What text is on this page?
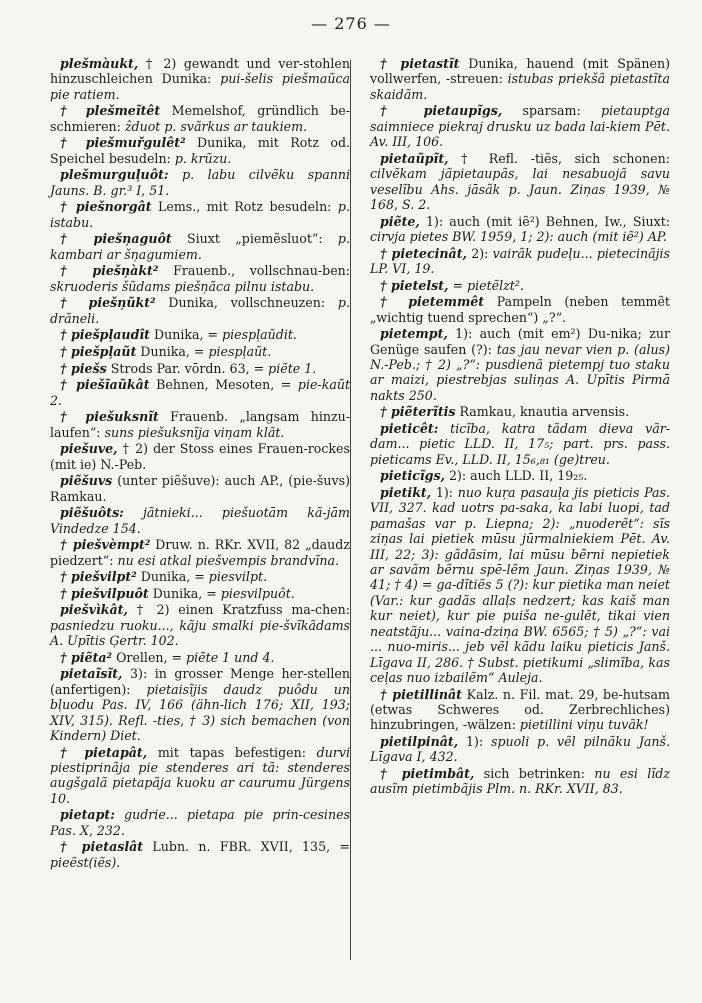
— 276 —

plešmàukt, † 2) gewandt und ver-stohlen hinzuschleichen Dunika: pui-šelis piešmaũca pie ratiem.

† plešmeĩtêt Memelshof, gründlich be-schmieren: ẑduot p. svãrkus ar taukiem.

† piešmuřgulêt² Dunika, mit Rotz od. Speichel besudeln: p. krũzu.

plešmurguļuôt: p. labu cilvẽku spanni Jauns. B. gr.³ I, 51.

† piešnorgât Lems., mit Rotz besudeln: p. istabu.

† piešņaguôt Siuxt „piemẽsluot“: p. kambari ar šņagumiem.

† piešņàkt² Frauenb., vollschnau-ben: skruoderis šũdams piešņãca pilnu istabu.

† piešņũkt² Dunika, vollschneuzen: p. drãneli.

† piešpļaudît Dunika, = piespļaũdit.

† piešpļaũt Dunika, = piespļaũt.

† piešs Strods Par. vōrdn. 63, = piẽte 1.

† piešĩaũkât Behnen, Mesoten, = pie-kaũt 2.

† piešuksnĩt Frauenb. „langsam hinzu-laufen“: suns piešuksnĩja viņam klãt.

piešuve, † 2) der Stoss eines Frauen-rockes (mit ie) N.-Peb.

piẽšuvs (unter piẽšuve): auch AP., (pie-šuvs) Ramkau.

piẽšuôts: jãtnieki... piešuotām kã-jām Vindedze 154.

† piešvèmpt² Druw. n. RKr. XVII, 82 „daudz piedzert“: nu esi atkal piešvempis brandvĩna.

† piešvilpt² Dunika, = piesvilpt.

† piešvilpuôt Dunika, = piesvilpuôt.

piešvìkât, † 2) einen Kratzfuss ma-chen: pasniedzu ruoku..., kãju smalki pie-švĩkãdams A. Upītis Ģertr. 102.

† piẽta² Orellen, = piẽte 1 und 4.

pietaĩsĩt, 3): in grosser Menge her-stellen (anfertigen): pietaisĩjis daudz puôdu un bļuodu Pas. IV, 166 (ähn-lich 176; XII, 193; XIV, 315). Refl. -ties, † 3) sich bemachen (von Kindern) Diet.

† pietapât, mit tapas befestigen: durvi piestiprinãja pie stenderes ari tã: stenderes augšgalã pietapãja kuoku ar caurumu Jürgens 10.

pietapt: gudrie... pietapa pie prin-cesines Pas. X, 232.

† pietaslât Lubn. n. FBR. XVII, 135, = pieẽst(iẽs).

† pietastĩt Dunika, hauend (mit Spänen) vollwerfen, -streuen: istubas priekšã pietastĩta skaidãm.

† pietaupĩgs, sparsam: pietauptga saimniece piekraj drusku uz bada lai-kiem Pēt. Av. III, 106.

pietaũpĩt, † Refl. -tiẽs, sich schonen: cilvẽkam jãpietaupãs, lai nesabuojã savu veselĩbu Ahs. jāsãk p. Jaun. Ziņas 1939, № 168, S. 2.

piẽte, 1): auch (mit iẽ²) Behnen, Iw., Siuxt: cirvja pietes BW. 1959, 1; 2): auch (mit iẽ²) AP.

† pietecinât, 2): vairãk pudeļu... pietecinãjis LP. VI, 19.

† pietelst, = pietẽlzt².

† pietemmêt Pampeln (neben temmẽt „wichtig tuend sprechen“) „?“.

pietempt, 1): auch (mit em²) Du-nika; zur Genüge saufen (?): tas jau nevar vien p. (alus) N.-Peb.; † 2) „?“: pusdienã pietempj tuo staku ar maizi, piestrebjas suliņas A. Upītis Pirmā nakts 250.

† piẽterĩtis Ramkau, knautia arvensis.

pieticêt: ticĩba, katra tãdam dieva vãr-dam... pietic LLD. II, 17₅; part. prs. pass. pieticams Ev., LLD. II, 15₆,₈₁ (ge)treu.

pieticĩgs, 2): auch LLD. II, 19₂₅.

pietikt, 1): nuo kuŗa pasauļa jis pieticis Pas. VII, 327. kad uotrs pa-saka, ka labi luopi, tad pamašas var p. Liepna; 2): „nuoderẽt“: sĩs ziņas lai pietiek mūsu jūrmalniekiem Pēt. Av. III, 22; 3): gãdãsim, lai mūsu bẽrni nepietiek ar savãm bẽrnu spē-lẽm Jaun. Ziņas 1939, № 41; † 4) = ga-dĩtiẽs 5 (?): kur pietika man neiet (Var.: kur gadãs allaļs nedzert; kas kaiš man kur neiet), kur pie puiša ne-gulẽt, tikai vien neatstãju... vaina-dziņa BW. 6565; † 5) „?“: vai ... nuo-miris... jeb vẽl kãdu laiku pieticis Janš. Līgava II, 286. † Subst. pietikumi „slimĩba, kas ceļas nuo izbailẽm“ Auleja.

† pietillinât Kalz. n. Fil. mat. 29, be-hutsam (etwas Schweres od. Zerbrechliches) hinzubringen, -wälzen: pietillini viņu tuvãk!

pietilpinât, 1): spuoli p. vẽl pilnãku Janš. Līgava I, 432.

† pietimbât, sich betrinken: nu esi lĩdz ausĩm pietimbãjis Plm. n. RKr. XVII, 83.
